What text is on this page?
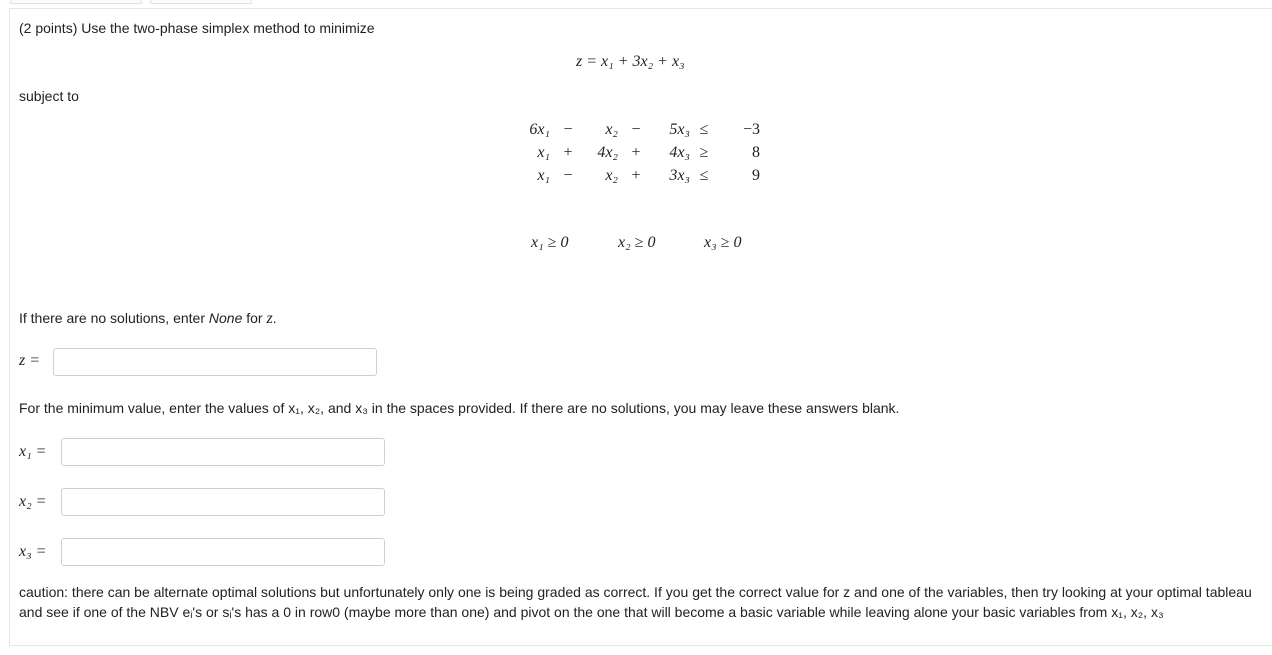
(2 points) Use the two-phase simplex method to minimize
z = x₁ + 3x₂ + x₃
subject to
6x₁	−	x₂	−	5x₃	≤	−3
x₁	+	4x₂	+	4x₃	≥	8
x₁	−	x₂	+	3x₃	≤	9
x₁ ≥ 0	x₂ ≥ 0	x₃ ≥ 0
If there are no solutions, enter None for z.
z =
For the minimum value, enter the values of x₁, x₂, and x₃ in the spaces provided. If there are no solutions, you may leave these answers blank.
x₁ =
x₂ =
x₃ =
caution: there can be alternate optimal solutions but unfortunately only one is being graded as correct. If you get the correct value for z and one of the variables, then try looking at your optimal tableau and see if one of the NBV eᵢ's or sᵢ's has a 0 in row0 (maybe more than one) and pivot on the one that will become a basic variable while leaving alone your basic variables from x₁, x₂, x₃
